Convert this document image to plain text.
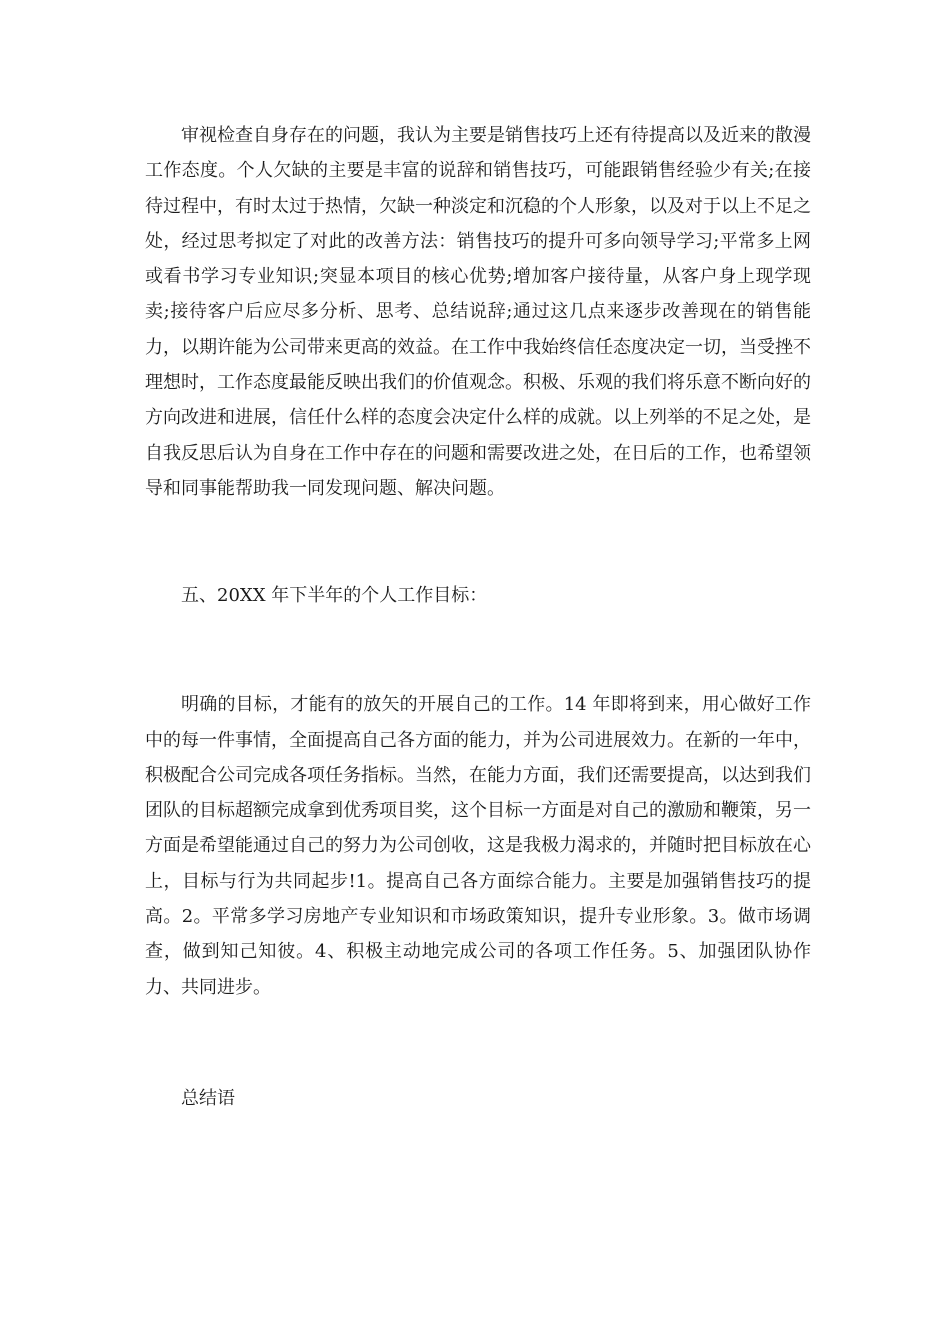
审视检查自身存在的问题，我认为主要是销售技巧上还有待提高以及近来的散漫工作态度。个人欠缺的主要是丰富的说辞和销售技巧，可能跟销售经验少有关;在接待过程中，有时太过于热情，欠缺一种淡定和沉稳的个人形象，以及对于以上不足之处，经过思考拟定了对此的改善方法：销售技巧的提升可多向领导学习;平常多上网或看书学习专业知识;突显本项目的核心优势;增加客户接待量，从客户身上现学现卖;接待客户后应尽多分析、思考、总结说辞;通过这几点来逐步改善现在的销售能力，以期许能为公司带来更高的效益。在工作中我始终信任态度决定一切，当受挫不理想时，工作态度最能反映出我们的价值观念。积极、乐观的我们将乐意不断向好的方向改进和进展，信任什么样的态度会决定什么样的成就。以上列举的不足之处，是自我反思后认为自身在工作中存在的问题和需要改进之处，在日后的工作，也希望领导和同事能帮助我一同发现问题、解决问题。

五、20XX 年下半年的个人工作目标：

明确的目标，才能有的放矢的开展自己的工作。14 年即将到来，用心做好工作中的每一件事情，全面提高自己各方面的能力，并为公司进展效力。在新的一年中，积极配合公司完成各项任务指标。当然，在能力方面，我们还需要提高，以达到我们团队的目标超额完成拿到优秀项目奖，这个目标一方面是对自己的激励和鞭策，另一方面是希望能通过自己的努力为公司创收，这是我极力渴求的，并随时把目标放在心上，目标与行为共同起步!1。提高自己各方面综合能力。主要是加强销售技巧的提高。2。平常多学习房地产专业知识和市场政策知识，提升专业形象。3。做市场调查，做到知己知彼。4、积极主动地完成公司的各项工作任务。5、加强团队协作力、共同进步。

总结语
